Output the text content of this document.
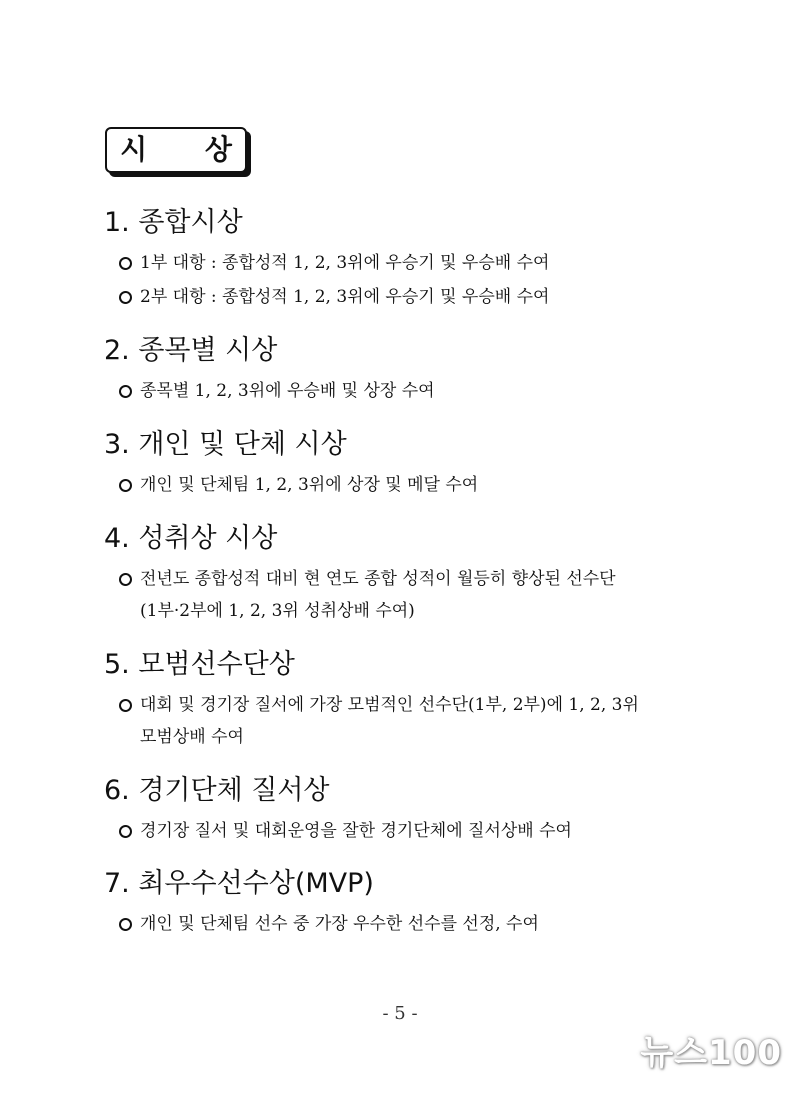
시 상
1. 종합시상
1부 대항 : 종합성적 1, 2, 3위에 우승기 및 우승배 수여
2부 대항 : 종합성적 1, 2, 3위에 우승기 및 우승배 수여
2. 종목별 시상
종목별 1, 2, 3위에 우승배 및 상장 수여
3. 개인 및 단체 시상
개인 및 단체팀 1, 2, 3위에 상장 및 메달 수여
4. 성취상 시상
전년도 종합성적 대비 현 연도 종합 성적이 월등히 향상된 선수단
(1부·2부에 1, 2, 3위 성취상배 수여)
5. 모범선수단상
대회 및 경기장 질서에 가장 모범적인 선수단(1부, 2부)에 1, 2, 3위
모범상배 수여
6. 경기단체 질서상
경기장 질서 및 대회운영을 잘한 경기단체에 질서상배 수여
7. 최우수선수상(MVP)
개인 및 단체팀 선수 중 가장 우수한 선수를 선정, 수여
- 5 -
뉴스100
